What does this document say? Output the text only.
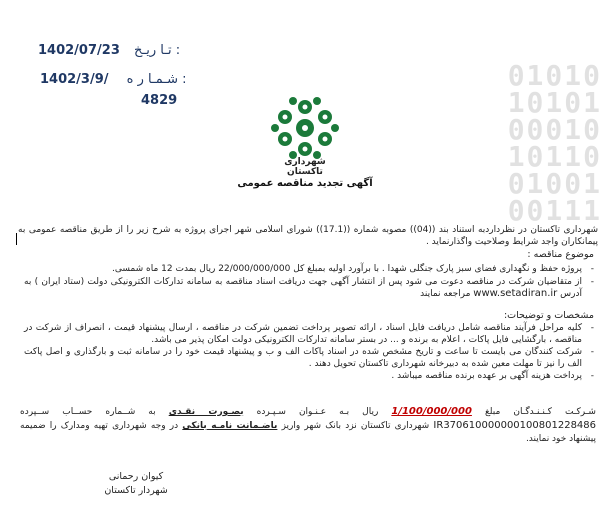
01010
10101
00010
10110
01001
00111
1402/07/23 تـا ریـخ :
1402/3/9/ شـمـا ر ه :
4829
شهرداری تاکستان
آگهی تجدید مناقصه عمومی
شهرداری تاکستان در نظرداردبه استناد بند ((04)) مصوبه شماره ((17.1)) شورای اسلامی شهر اجرای پروژه به شرح زیر را از طریق مناقصه عمومی به پیمانکاران واجد شرایط وصلاحیت واگذارنماید .
موضوع مناقصه :
- پروژه حفظ و نگهداری فضای سبز پارک جنگلی شهدا . با برآورد اولیه بمبلغ کل 22/000/000/000 ریال بمدت 12 ماه شمسی.
- از متقاضیان شرکت در مناقصه دعوت می شود پس از انتشار آگهی جهت دریافت اسناد مناقصه به سامانه تدارکات الکترونیکی دولت (ستاد ایران ) به آدرس www.setadiran.ir مراجعه نمایند
مشخصات و توضیحات:
- کلیه مراحل فرآیند مناقصه شامل دریافت فایل اسناد ، ارائه تصویر پرداخت تضمین شرکت در مناقصه ، ارسال پیشنهاد قیمت ، انصراف از شرکت در مناقصه ، بارگشایی فایل پاکات ، اعلام به برنده و ... در بستر سامانه تدارکات الکترونیکی دولت امکان پذیر می باشد.
- شرکت کنندگان می بایست تا ساعت و تاریخ مشخص شده در اسناد پاکات الف و ب و پیشنهاد قیمت خود را در سامانه ثبت و بارگذاری و اصل پاکت الف را نیز تا مهلت معین شده به دبیرخانه شهرداری تاکستان تحویل دهند .
- پرداخت هزینه آگهی بر عهده برنده مناقصه میباشد .
شـرکـت کـنـنـدگـان مبلغ 1/100/000/000 ریال بـه عـنـوان سـپـرده بصـورت نقـدی به شــماره حســاب ســپرده IR370610000000100801228486 شهرداری تاکستان نزد بانک شهر واریز یاضـمانت نامـه بانکی در وجه شهرداری تهیه ومدارک را ضمیمه پیشنهاد خود نمایند.
کیوان رحمانی
شهردار تاکستان
